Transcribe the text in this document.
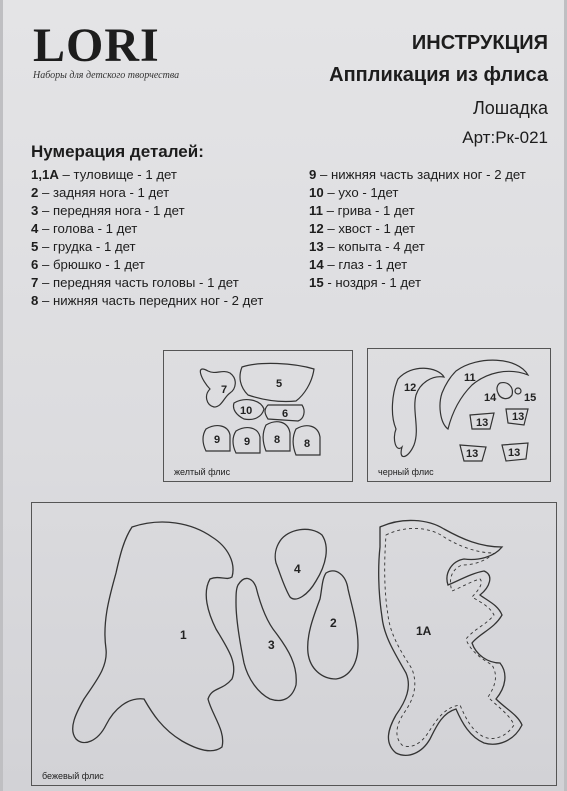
LORI
Наборы для детского творчества
ИНСТРУКЦИЯ
Аппликация из флиса
Лошадка
Арт:Рк-021
Нумерация деталей:
1,1А – туловище - 1 дет
2 – задняя нога - 1 дет
3 – передняя нога - 1 дет
4 – голова - 1 дет
5 – грудка - 1 дет
6 – брюшко - 1 дет
7 – передняя часть головы - 1 дет
8 – нижняя часть передних ног - 2 дет
9 – нижняя часть задних ног - 2 дет
10 – ухо - 1дет
11 – грива - 1 дет
12 – хвост - 1 дет
13 – копыта - 4 дет
14 – глаз - 1 дет
15 - ноздря - 1 дет
7	5
10	6
9 9 8 8
желтый флис
12
11
14	15
13 13
13	13
черный флис
1
3
4
2
1А
бежевый флис
